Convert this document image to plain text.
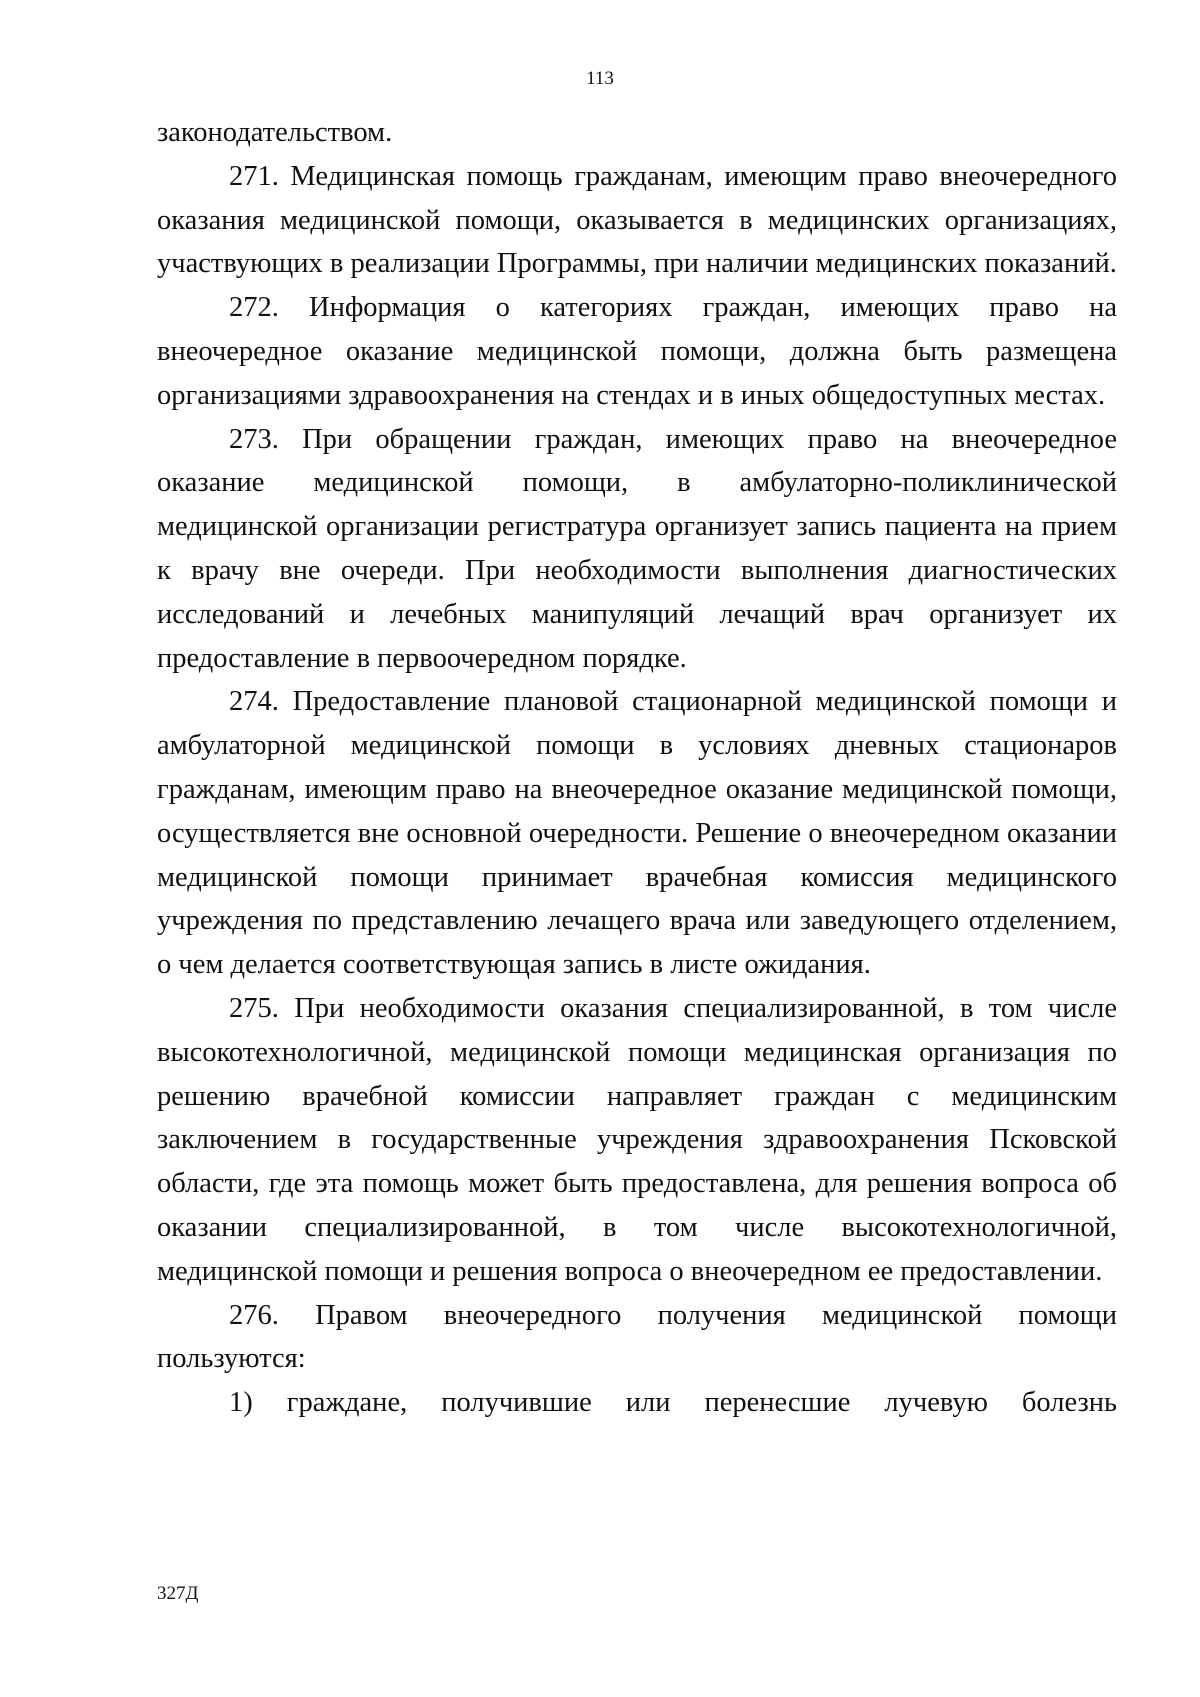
113

законодательством.

271. Медицинская помощь гражданам, имеющим право внеочередного оказания медицинской помощи, оказывается в медицинских организациях, участвующих в реализации Программы, при наличии медицинских показаний.

272. Информация о категориях граждан, имеющих право на внеочередное оказание медицинской помощи, должна быть размещена организациями здравоохранения на стендах и в иных общедоступных местах.

273. При обращении граждан, имеющих право на внеочередное оказание медицинской помощи, в амбулаторно-поликлинической медицинской организации регистратура организует запись пациента на прием к врачу вне очереди. При необходимости выполнения диагностических исследований и лечебных манипуляций лечащий врач организует их предоставление в первоочередном порядке.

274. Предоставление плановой стационарной медицинской помощи и амбулаторной медицинской помощи в условиях дневных стационаров гражданам, имеющим право на внеочередное оказание медицинской помощи, осуществляется вне основной очередности. Решение о внеочередном оказании медицинской помощи принимает врачебная комиссия медицинского учреждения по представлению лечащего врача или заведующего отделением, о чем делается соответствующая запись в листе ожидания.

275. При необходимости оказания специализированной, в том числе высокотехнологичной, медицинской помощи медицинская организация по решению врачебной комиссии направляет граждан с медицинским заключением в государственные учреждения здравоохранения Псковской области, где эта помощь может быть предоставлена, для решения вопроса об оказании специализированной, в том числе высокотехнологичной, медицинской помощи и решения вопроса о внеочередном ее предоставлении.

276. Правом внеочередного получения медицинской помощи пользуются:

1) граждане, получившие или перенесшие лучевую болезнь

327Д
